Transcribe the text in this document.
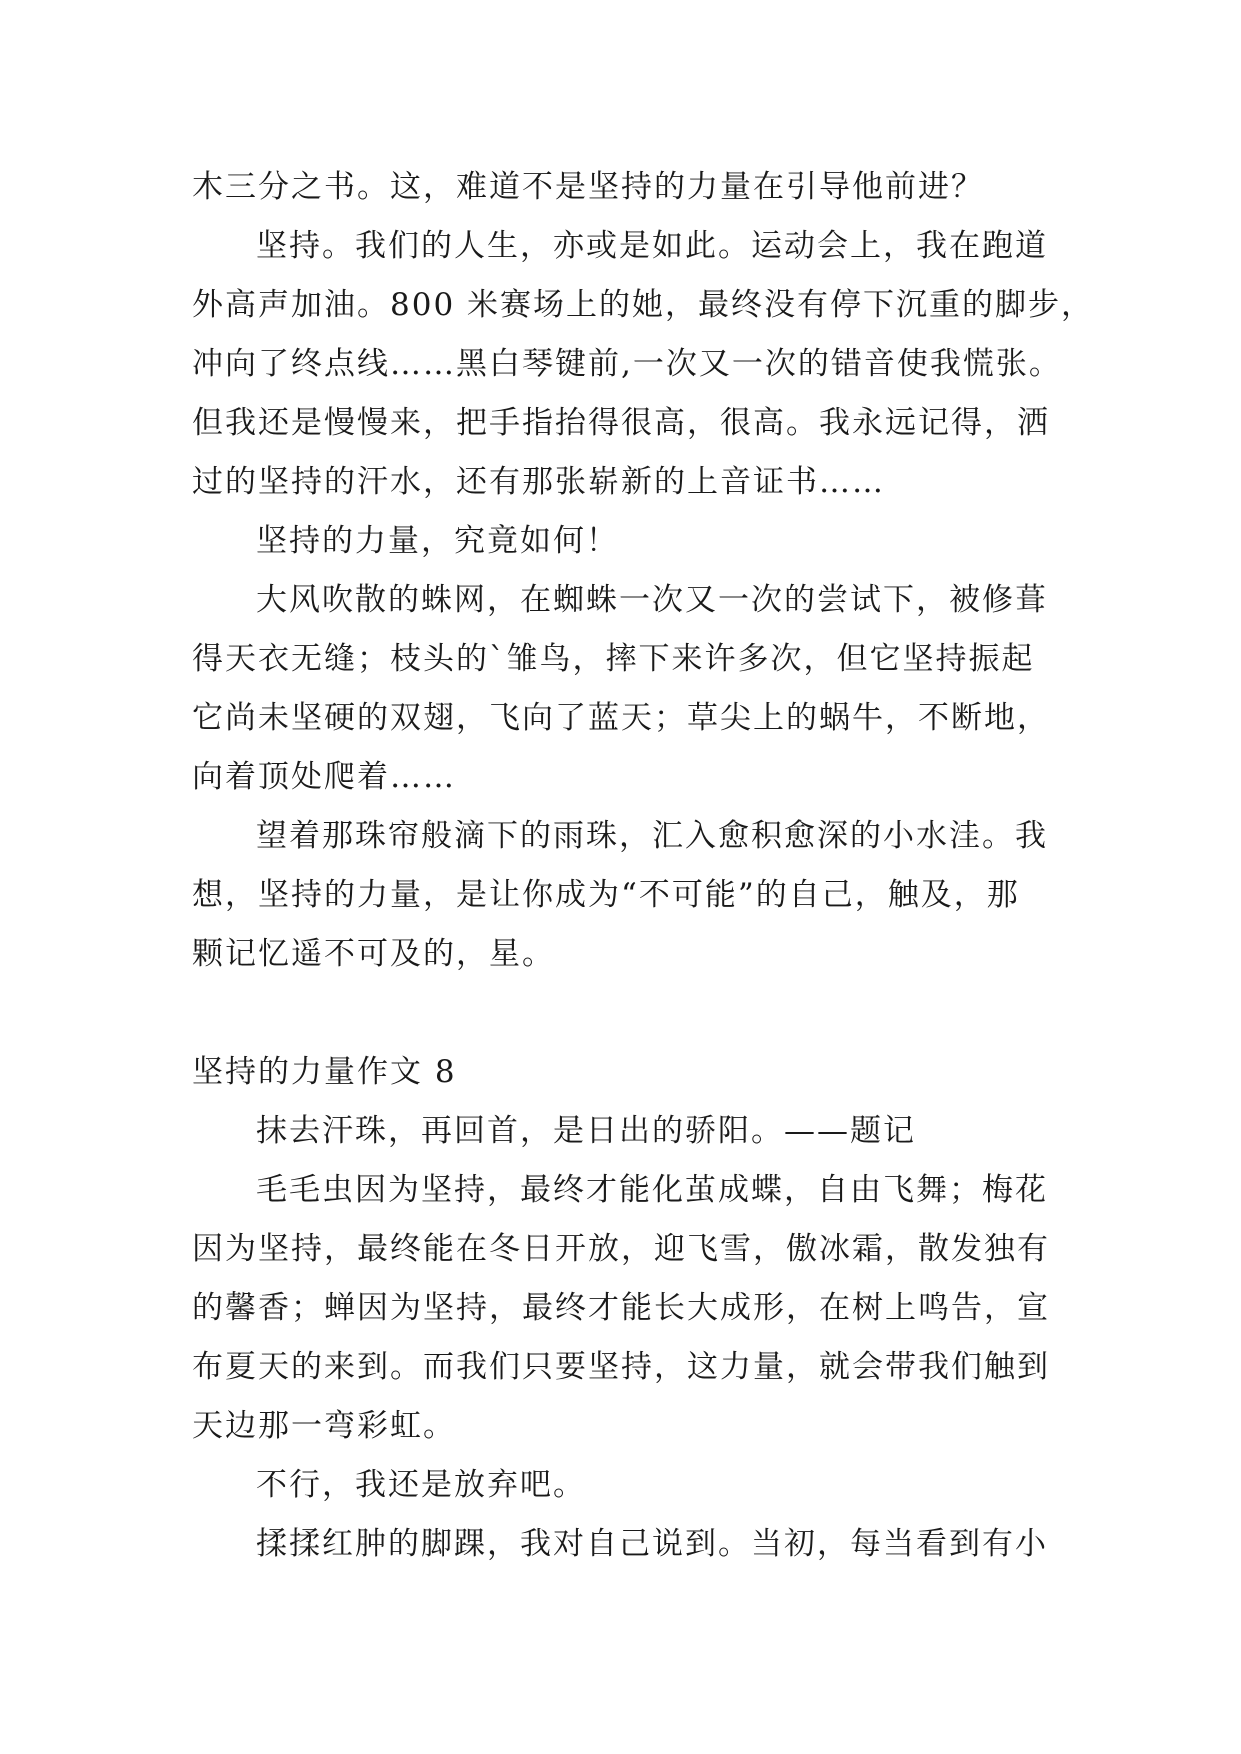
木三分之书。这，难道不是坚持的力量在引导他前进？

坚持。我们的人生，亦或是如此。运动会上，我在跑道

外高声加油。800 米赛场上的她，最终没有停下沉重的脚步，

冲向了终点线……黑白琴键前,一次又一次的错音使我慌张。

但我还是慢慢来，把手指抬得很高，很高。我永远记得，洒

过的坚持的汗水，还有那张崭新的上音证书……

坚持的力量，究竟如何！

大风吹散的蛛网，在蜘蛛一次又一次的尝试下，被修葺

得天衣无缝；枝头的`雏鸟，摔下来许多次，但它坚持振起

它尚未坚硬的双翅，飞向了蓝天；草尖上的蜗牛，不断地，

向着顶处爬着……

望着那珠帘般滴下的雨珠，汇入愈积愈深的小水洼。我

想，坚持的力量，是让你成为“不可能”的自己，触及，那

颗记忆遥不可及的，星。

坚持的力量作文 8

抹去汗珠，再回首，是日出的骄阳。——题记

毛毛虫因为坚持，最终才能化茧成蝶，自由飞舞；梅花

因为坚持，最终能在冬日开放，迎飞雪，傲冰霜，散发独有

的馨香；蝉因为坚持，最终才能长大成形，在树上鸣告，宣

布夏天的来到。而我们只要坚持，这力量，就会带我们触到

天边那一弯彩虹。

不行，我还是放弃吧。

揉揉红肿的脚踝，我对自己说到。当初，每当看到有小
